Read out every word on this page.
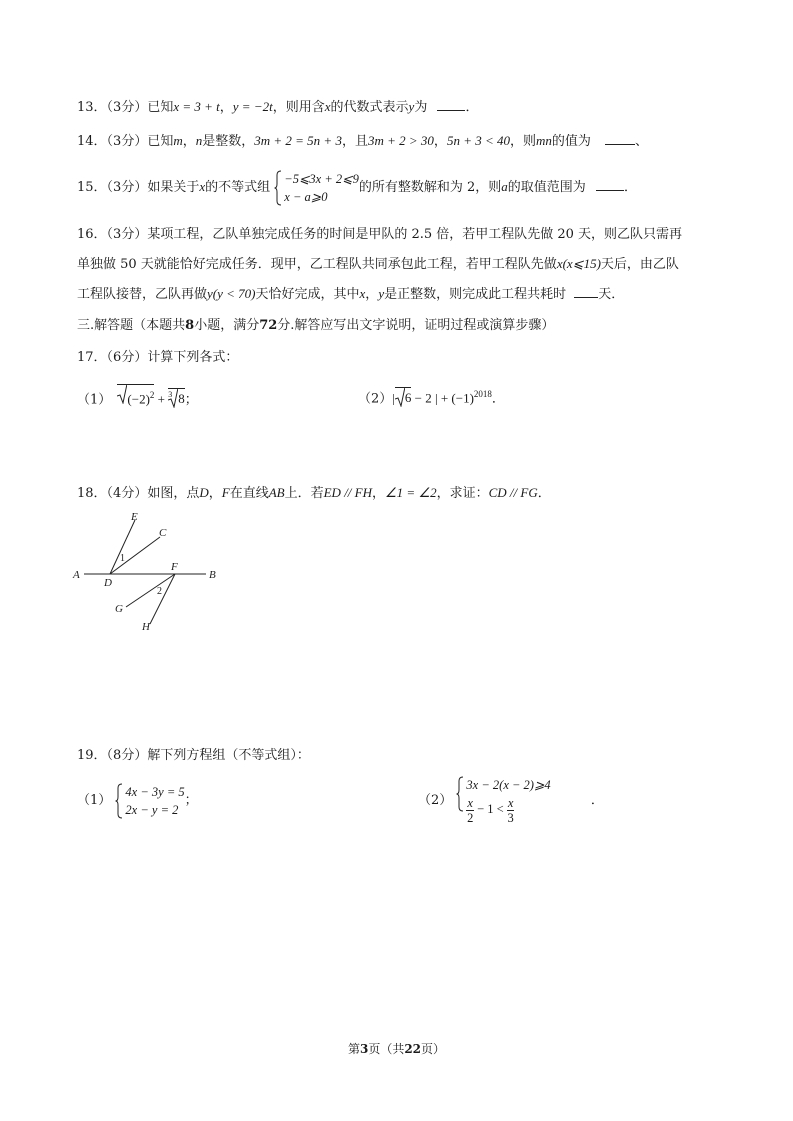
13．（3分）已知x = 3 + t，y = −2t，则用含x的代数式表示y为	．
14．（3分）已知m，n是整数，3m + 2 = 5n + 3，且3m + 2 > 30，5n + 3 < 40，则mn的值为	、
15．（3分）如果关于x的不等式组
−5⩽3x + 2⩽9
x − a⩾0
的所有整数解和为 2，则a的取值范围为	．
16．（3分）某项工程，乙队单独完成任务的时间是甲队的 2.5 倍，若甲工程队先做 20 天，则乙队只需再
单独做 50 天就能恰好完成任务．现甲，乙工程队共同承包此工程，若甲工程队先做x(x⩽15)天后，由乙队
工程队接替，乙队再做y(y < 70)天恰好完成，其中x，y是正整数，则完成此工程共耗时 天．
三.解答题（本题共8小题，满分72分.解答应写出文字说明，证明过程或演算步骤）
17．（6分）计算下列各式：
（1） $(-2)^2 + 3$ 8；	（2）| 6 − 2 | + $(-1)^{2018}$．
18．（4分）如图，点D，F在直线AB上．若ED // FH，∠1 = ∠2，求证：CD // FG．
A	B
D
F
E
C
G
H
1
2
19．（8分）解下列方程组（不等式组）：
（1）
4x − 3y = 5
2x − y = 2
；	（2）
3x − 2(x − 2)⩾4
$\frac{x}{2} - 1 < \frac{x}{3}$	．
第3页（共22页）
